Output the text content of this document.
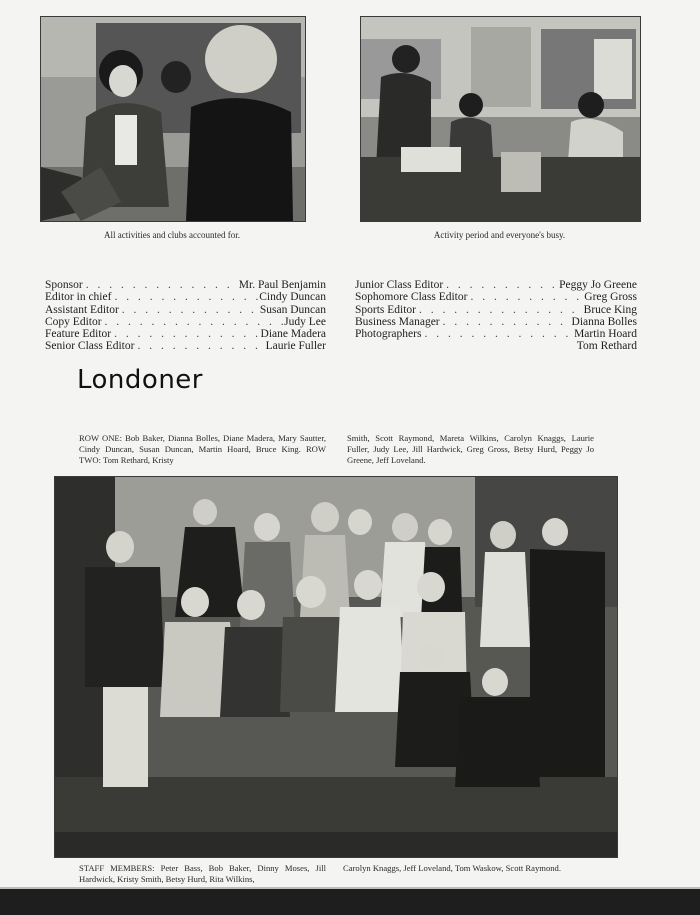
All activities and clubs accounted for.	Activity period and everyone's busy.
Sponsor . . .	Mr. Paul Benjamin
Editor in chief . . .	Cindy Duncan
Assistant Editor . . .	Susan Duncan
Copy Editor . . .	Judy Lee
Feature Editor . . .	Diane Madera
Senior Class Editor . . .	Laurie Fuller
Junior Class Editor . . .	Peggy Jo Greene
Sophomore Class Editor . . .	Greg Gross
Sports Editor . . .	Bruce King
Business Manager . . .	Dianna Bolles
Photographers . . .	Martin Hoard
Tom Rethard
Londoner
ROW ONE: Bob Baker, Dianna Bolles, Diane Madera, Mary Sautter, Cindy Duncan, Susan Duncan, Martin Hoard, Bruce King. ROW TWO: Tom Rethard, Kristy
Smith, Scott Raymond, Mareta Wilkins, Carolyn Knaggs, Laurie Fuller, Judy Lee, Jill Hardwick, Greg Gross, Betsy Hurd, Peggy Jo Greene, Jeff Loveland.
STAFF MEMBERS: Peter Bass, Bob Baker, Dinny Moses, Jill Hardwick, Kristy Smith, Betsy Hurd, Rita Wilkins,
Carolyn Knaggs, Jeff Loveland, Tom Waskow, Scott Raymond.
